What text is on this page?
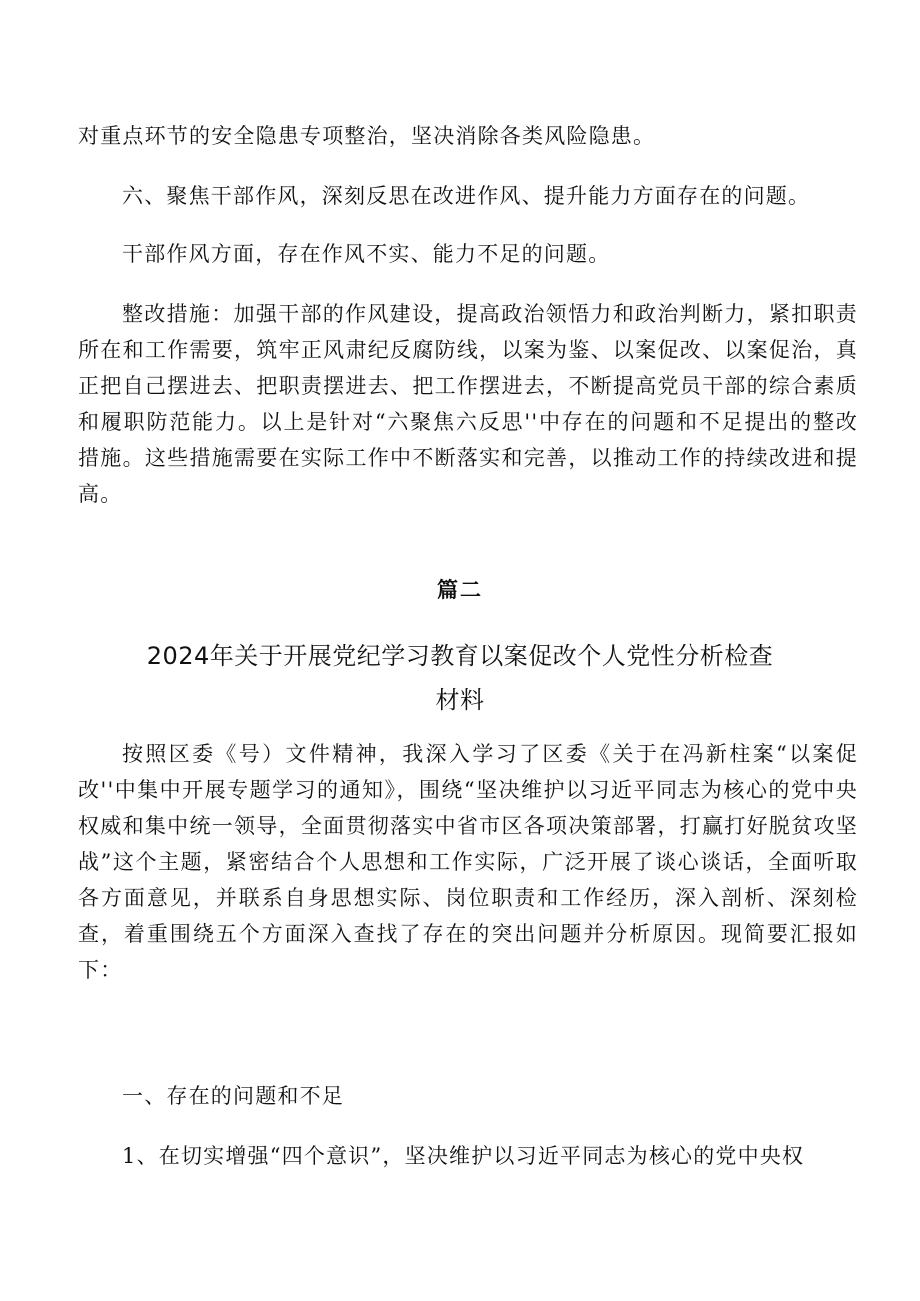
对重点环节的安全隐患专项整治，坚决消除各类风险隐患。

六、聚焦干部作风，深刻反思在改进作风、提升能力方面存在的问题。

干部作风方面，存在作风不实、能力不足的问题。

整改措施：加强干部的作风建设，提高政治领悟力和政治判断力，紧扣职责所在和工作需要，筑牢正风肃纪反腐防线，以案为鉴、以案促改、以案促治，真正把自己摆进去、把职责摆进去、把工作摆进去，不断提高党员干部的综合素质和履职防范能力。以上是针对“六聚焦六反思''中存在的问题和不足提出的整改措施。这些措施需要在实际工作中不断落实和完善，以推动工作的持续改进和提高。

篇二

2024年关于开展党纪学习教育以案促改个人党性分析检查

材料

按照区委《号）文件精神，我深入学习了区委《关于在冯新柱案“以案促改''中集中开展专题学习的通知》，围绕“坚决维护以习近平同志为核心的党中央权威和集中统一领导，全面贯彻落实中省市区各项决策部署，打赢打好脱贫攻坚战”这个主题，紧密结合个人思想和工作实际，广泛开展了谈心谈话，全面听取各方面意见，并联系自身思想实际、岗位职责和工作经历，深入剖析、深刻检查，着重围绕五个方面深入查找了存在的突出问题并分析原因。现简要汇报如下：

一、存在的问题和不足

1、在切实增强“四个意识”，坚决维护以习近平同志为核心的党中央权
